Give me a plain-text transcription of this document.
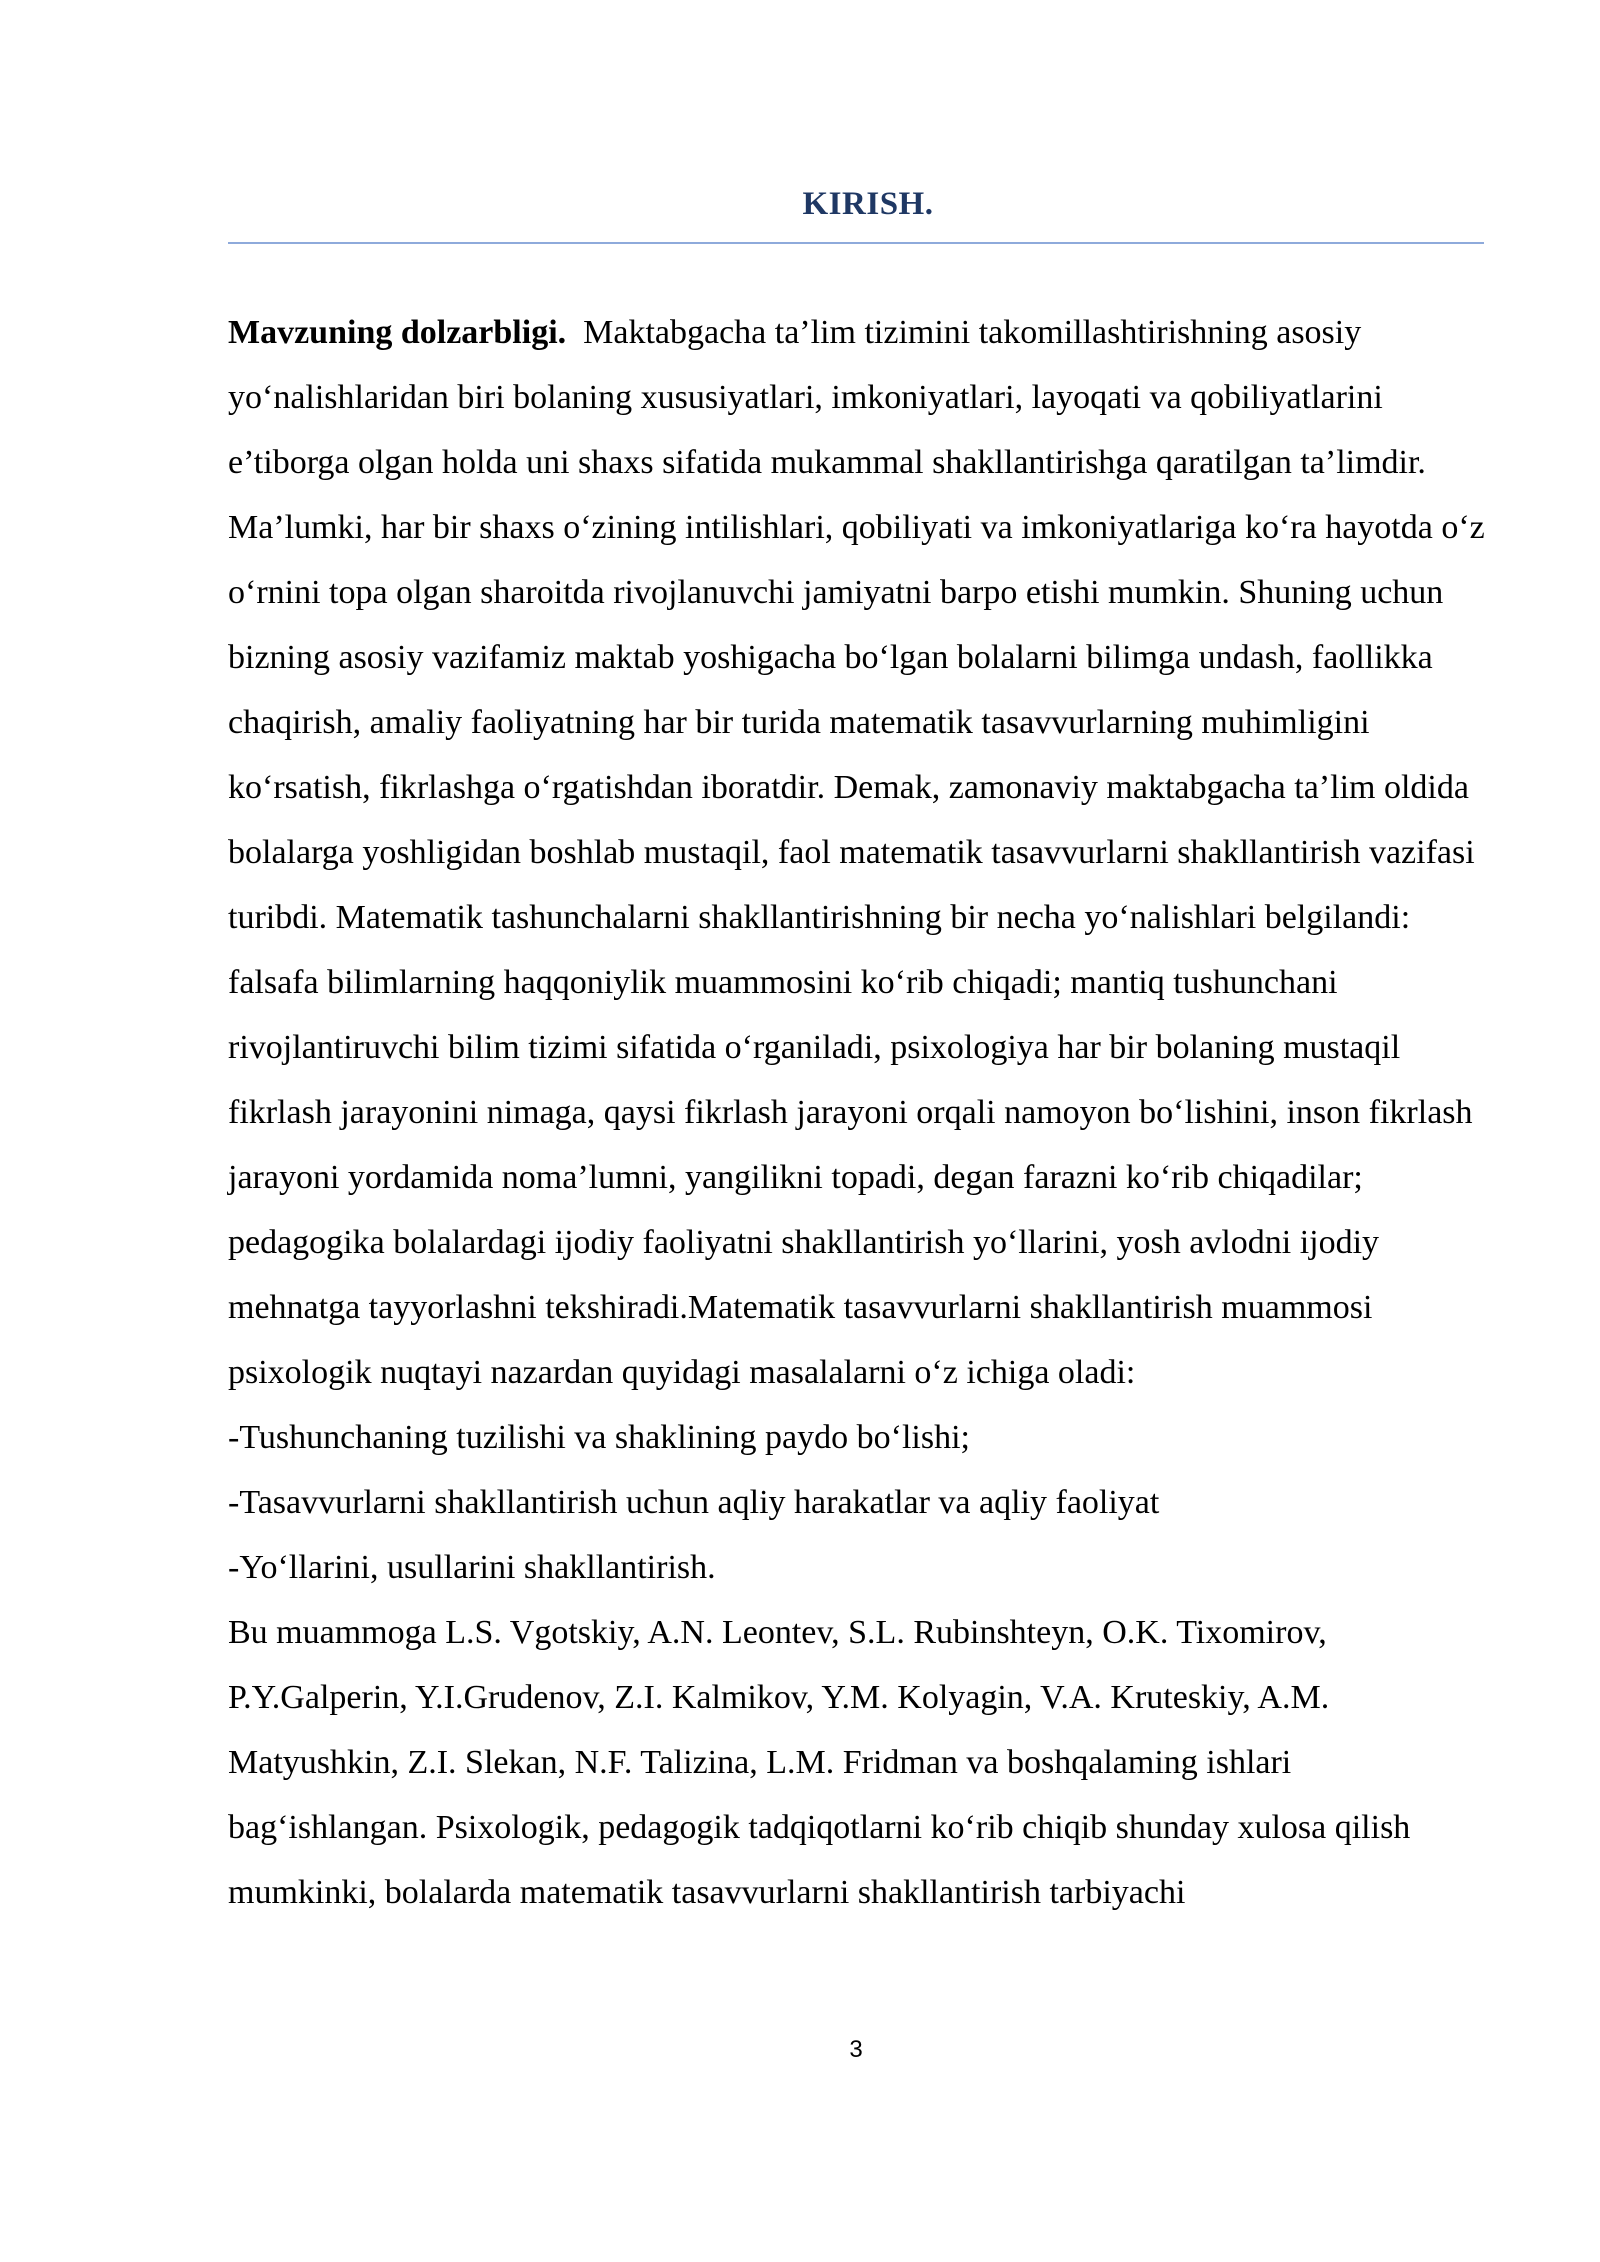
KIRISH.

Mavzuning dolzarbligi. Maktabgacha ta’lim tizimini takomillashtirishning asosiy yo‘nalishlaridan biri bolaning xususiyatlari, imkoniyatlari, layoqati va qobiliyatlarini e’tiborga olgan holda uni shaxs sifatida mukammal shakllantirishga qaratilgan ta’limdir. Ma’lumki, har bir shaxs o‘zining intilishlari, qobiliyati va imkoniyatlariga ko‘ra hayotda o‘z o‘rnini topa olgan sharoitda rivojlanuvchi jamiyatni barpo etishi mumkin. Shuning uchun bizning asosiy vazifamiz maktab yoshigacha bo‘lgan bolalarni bilimga undash, faollikka chaqirish, amaliy faoliyatning har bir turida matematik tasavvurlarning muhimligini ko‘rsatish, fikrlashga o‘rgatishdan iboratdir. Demak, zamonaviy maktabgacha ta’lim oldida bolalarga yoshligidan boshlab mustaqil, faol matematik tasavvurlarni shakllantirish vazifasi turibdi. Matematik tashunchalarni shakllantirishning bir necha yo‘nalishlari belgilandi: falsafa bilimlarning haqqoniylik muammosini ko‘rib chiqadi; mantiq tushunchani rivojlantiruvchi bilim tizimi sifatida o‘rganiladi, psixologiya har bir bolaning mustaqil fikrlash jarayonini nimaga, qaysi fikrlash jarayoni orqali namoyon bo‘lishini, inson fikrlash jarayoni yordamida noma’lumni, yangilikni topadi, degan farazni ko‘rib chiqadilar; pedagogika bolalardagi ijodiy faoliyatni shakllantirish yo‘llarini, yosh avlodni ijodiy mehnatga tayyorlashni tekshiradi.Matematik tasavvurlarni shakllantirish muammosi psixologik nuqtayi nazardan quyidagi masalalarni o‘z ichiga oladi:

-Tushunchaning tuzilishi va shaklining paydo bo‘lishi;

-Tasavvurlarni shakllantirish uchun aqliy harakatlar va aqliy faoliyat

-Yo‘llarini, usullarini shakllantirish.

Bu muammoga L.S. Vgotskiy, A.N. Leontev, S.L. Rubinshteyn, O.K. Tixomirov, P.Y.Galperin, Y.I.Grudenov, Z.I. Kalmikov, Y.M. Kolyagin, V.A. Kruteskiy, A.M. Matyushkin, Z.I. Slekan, N.F. Talizina, L.M. Fridman va boshqalaming ishlari bag‘ishlangan. Psixologik, pedagogik tadqiqotlarni ko‘rib chiqib shunday xulosa qilish mumkinki, bolalarda matematik tasavvurlarni shakllantirish tarbiyachi

3
